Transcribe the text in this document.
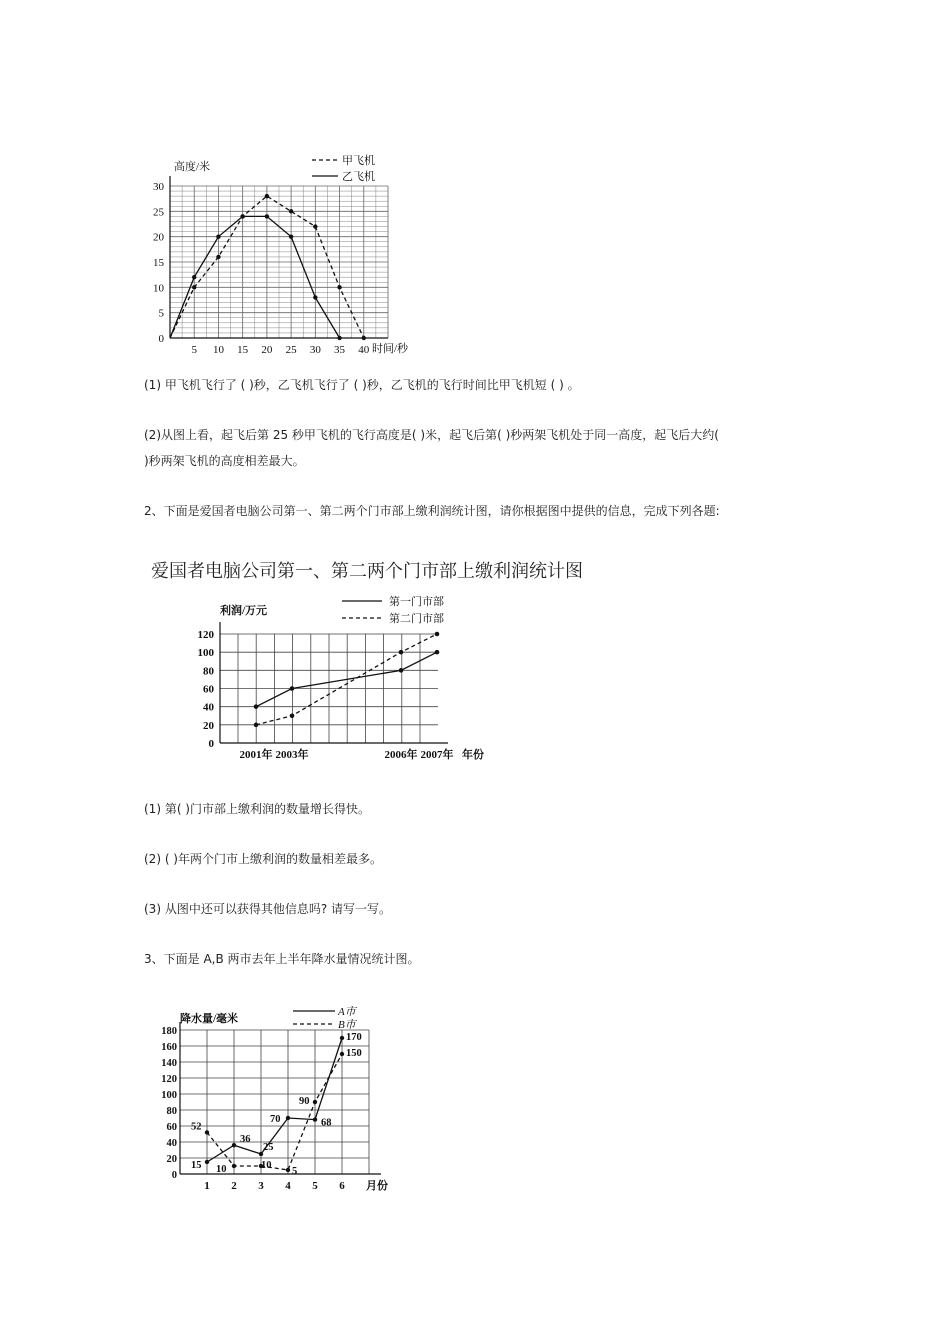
0
5
10
15
20
25
30
5 10 15 20 25 30 35 40
高度/米
时间/秒
甲飞机
乙飞机
(1) 甲飞机飞行了 ( )秒，乙飞机飞行了 ( )秒，乙飞机的飞行时间比甲飞机短 ( ) 。
(2)从图上看，起飞后第 25 秒甲飞机的飞行高度是( )米，起飞后第( )秒两架飞机处于同一高度，起飞后大约(
)秒两架飞机的高度相差最大。
2、下面是爱国者电脑公司第一、第二两个门市部上缴利润统计图，请你根据图中提供的信息，完成下列各题:
爱国者电脑公司第一、第二两个门市部上缴利润统计图
0
20
40
60
80
100
120
2001年 2003年	2006年 2007年
利润/万元
年份
第一门市部
第二门市部
(1) 第( )门市部上缴利润的数量增长得快。
(2) ( )年两个门市上缴利润的数量相差最多。
(3) 从图中还可以获得其他信息吗? 请写一写。
3、下面是 A,B 两市去年上半年降水量情况统计图。
0
20
40
60
80
100
120
140
160
180
1 2 3 4 5 6
15
36
25
70	68
170
52
10	10
5
90
150
降水量/毫米
月份
A市
B市
